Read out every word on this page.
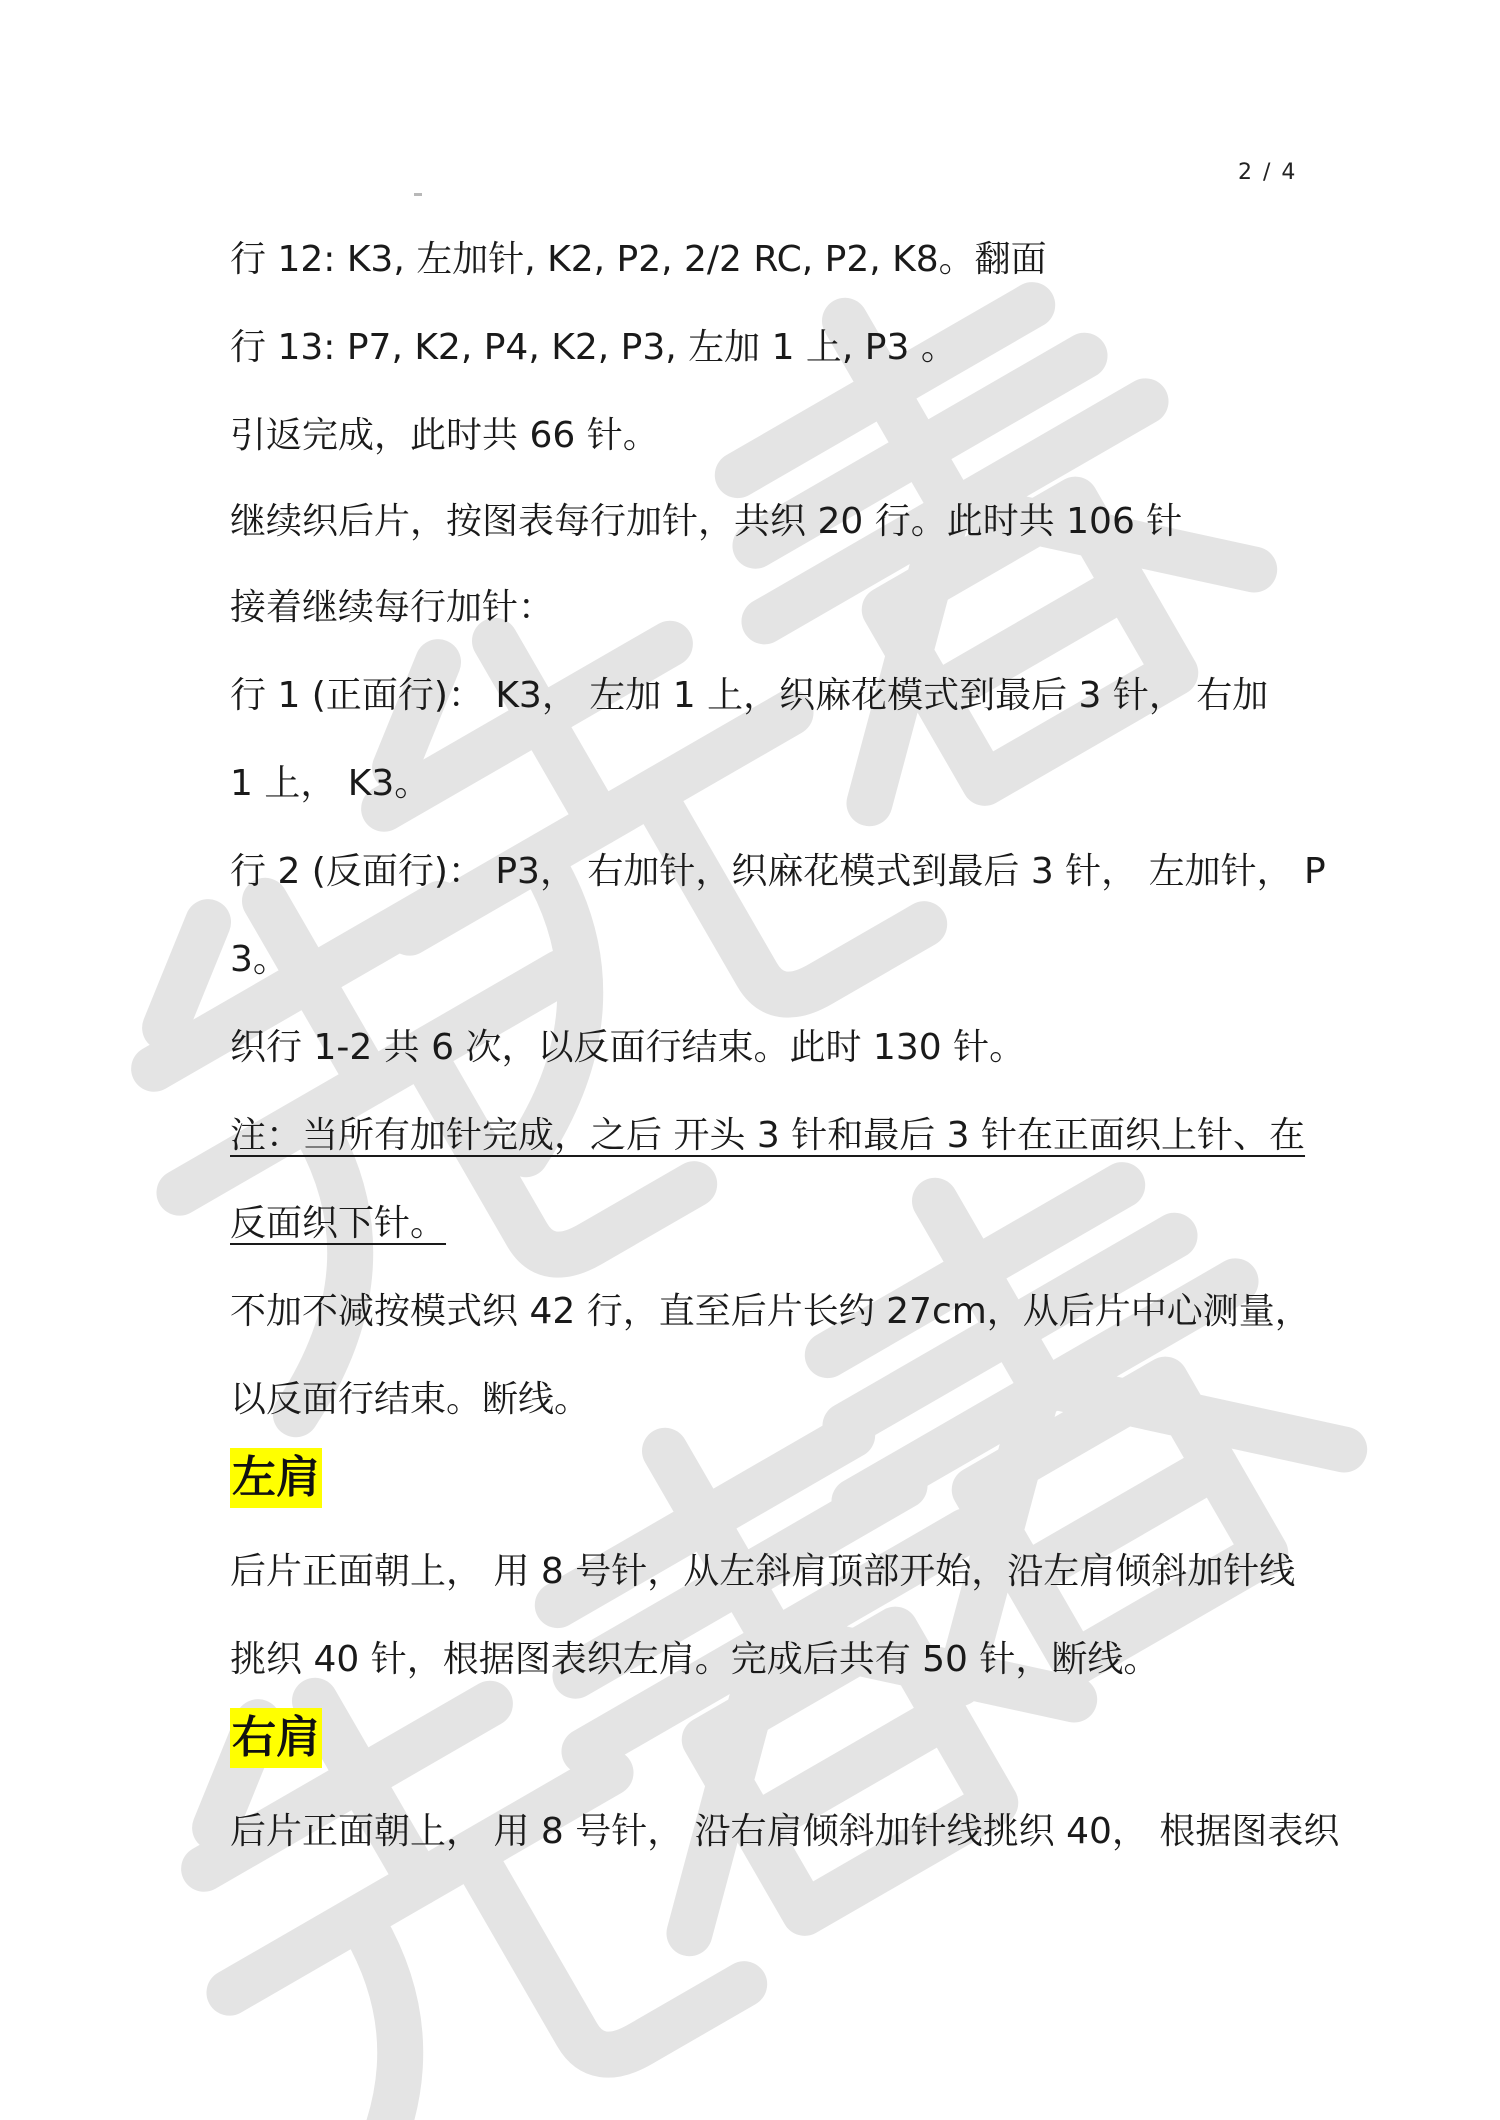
2 / 4
行 12: K3, 左加针, K2, P2, 2/2 RC, P2, K8。翻面
行 13: P7, K2, P4, K2, P3, 左加 1 上, P3 。
引返完成，此时共 66 针。
继续织后片，按图表每行加针，共织 20 行。此时共 106 针
接着继续每行加针：
行 1 (正面行)： K3， 左加 1 上，织麻花模式到最后 3 针， 右加
1 上， K3。
行 2 (反面行)： P3， 右加针，织麻花模式到最后 3 针， 左加针， P
3。
织行 1-2 共 6 次，以反面行结束。此时 130 针。
注：当所有加针完成，之后 开头 3 针和最后 3 针在正面织上针、在
反面织下针。
不加不减按模式织 42 行，直至后片长约 27cm，从后片中心测量，
以反面行结束。断线。
左肩
后片正面朝上， 用 8 号针，从左斜肩顶部开始，沿左肩倾斜加针线
挑织 40 针，根据图表织左肩。完成后共有 50 针，断线。
右肩
后片正面朝上， 用 8 号针， 沿右肩倾斜加针线挑织 40， 根据图表织
